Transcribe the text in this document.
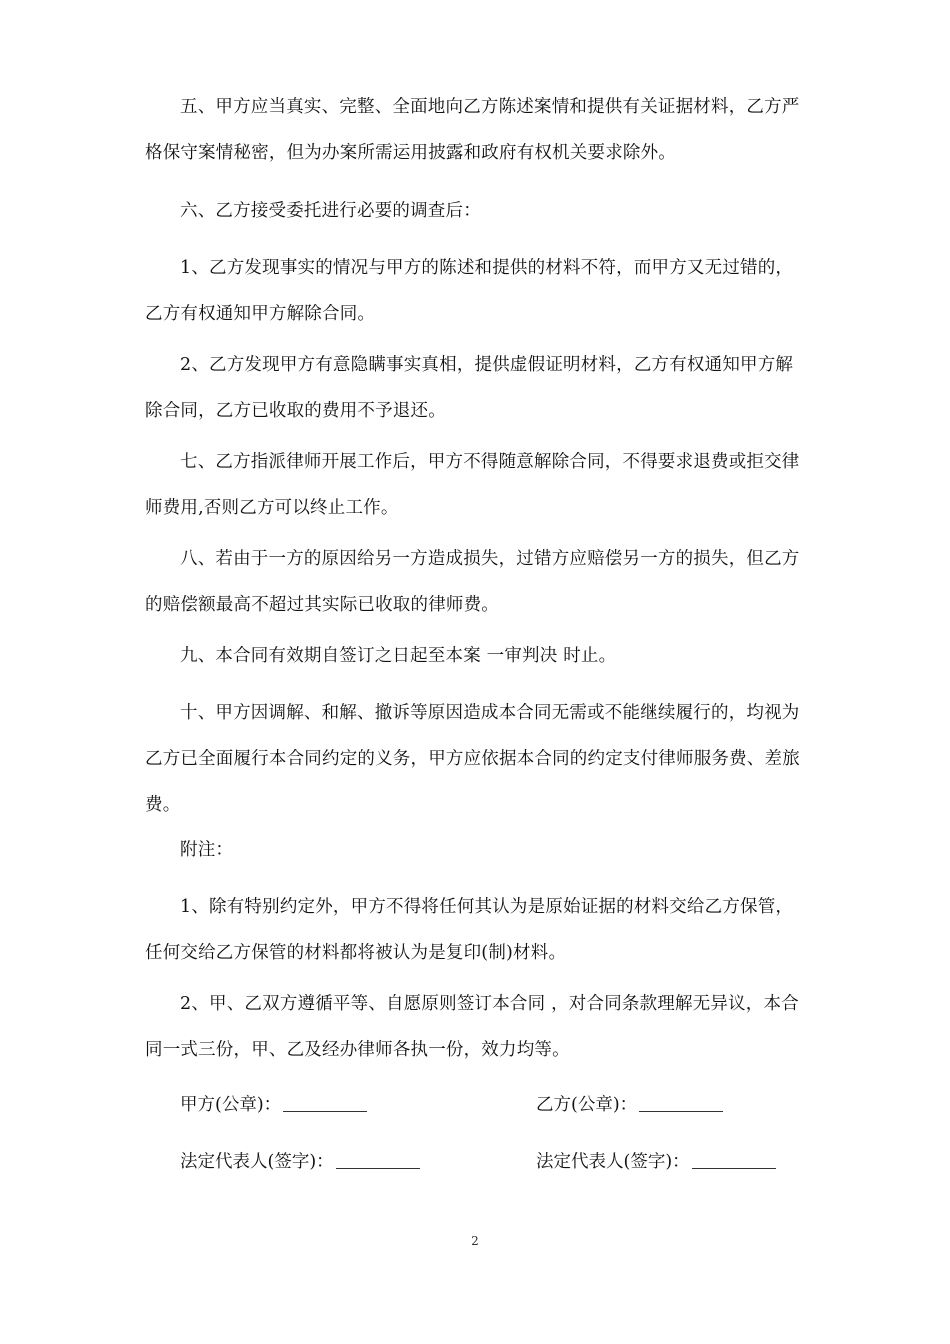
五、甲方应当真实、完整、全面地向乙方陈述案情和提供有关证据材料，乙方严格保守案情秘密，但为办案所需运用披露和政府有权机关要求除外。

六、乙方接受委托进行必要的调查后：

1、乙方发现事实的情况与甲方的陈述和提供的材料不符，而甲方又无过错的，乙方有权通知甲方解除合同。

2、乙方发现甲方有意隐瞒事实真相，提供虚假证明材料，乙方有权通知甲方解除合同，乙方已收取的费用不予退还。

七、乙方指派律师开展工作后，甲方不得随意解除合同，不得要求退费或拒交律师费用,否则乙方可以终止工作。

八、若由于一方的原因给另一方造成损失，过错方应赔偿另一方的损失，但乙方的赔偿额最高不超过其实际已收取的律师费。

九、本合同有效期自签订之日起至本案 一审判决 时止。

十、甲方因调解、和解、撤诉等原因造成本合同无需或不能继续履行的，均视为乙方已全面履行本合同约定的义务，甲方应依据本合同的约定支付律师服务费、差旅费。

附注：

1、除有特别约定外，甲方不得将任何其认为是原始证据的材料交给乙方保管，任何交给乙方保管的材料都将被认为是复印(制)材料。

2、甲、乙双方遵循平等、自愿原则签订本合同 ，对合同条款理解无异议，本合同一式三份，甲、乙及经办律师各执一份，效力均等。

甲方(公章)：	乙方(公章)：
法定代表人(签字)：	法定代表人(签字)：
2
